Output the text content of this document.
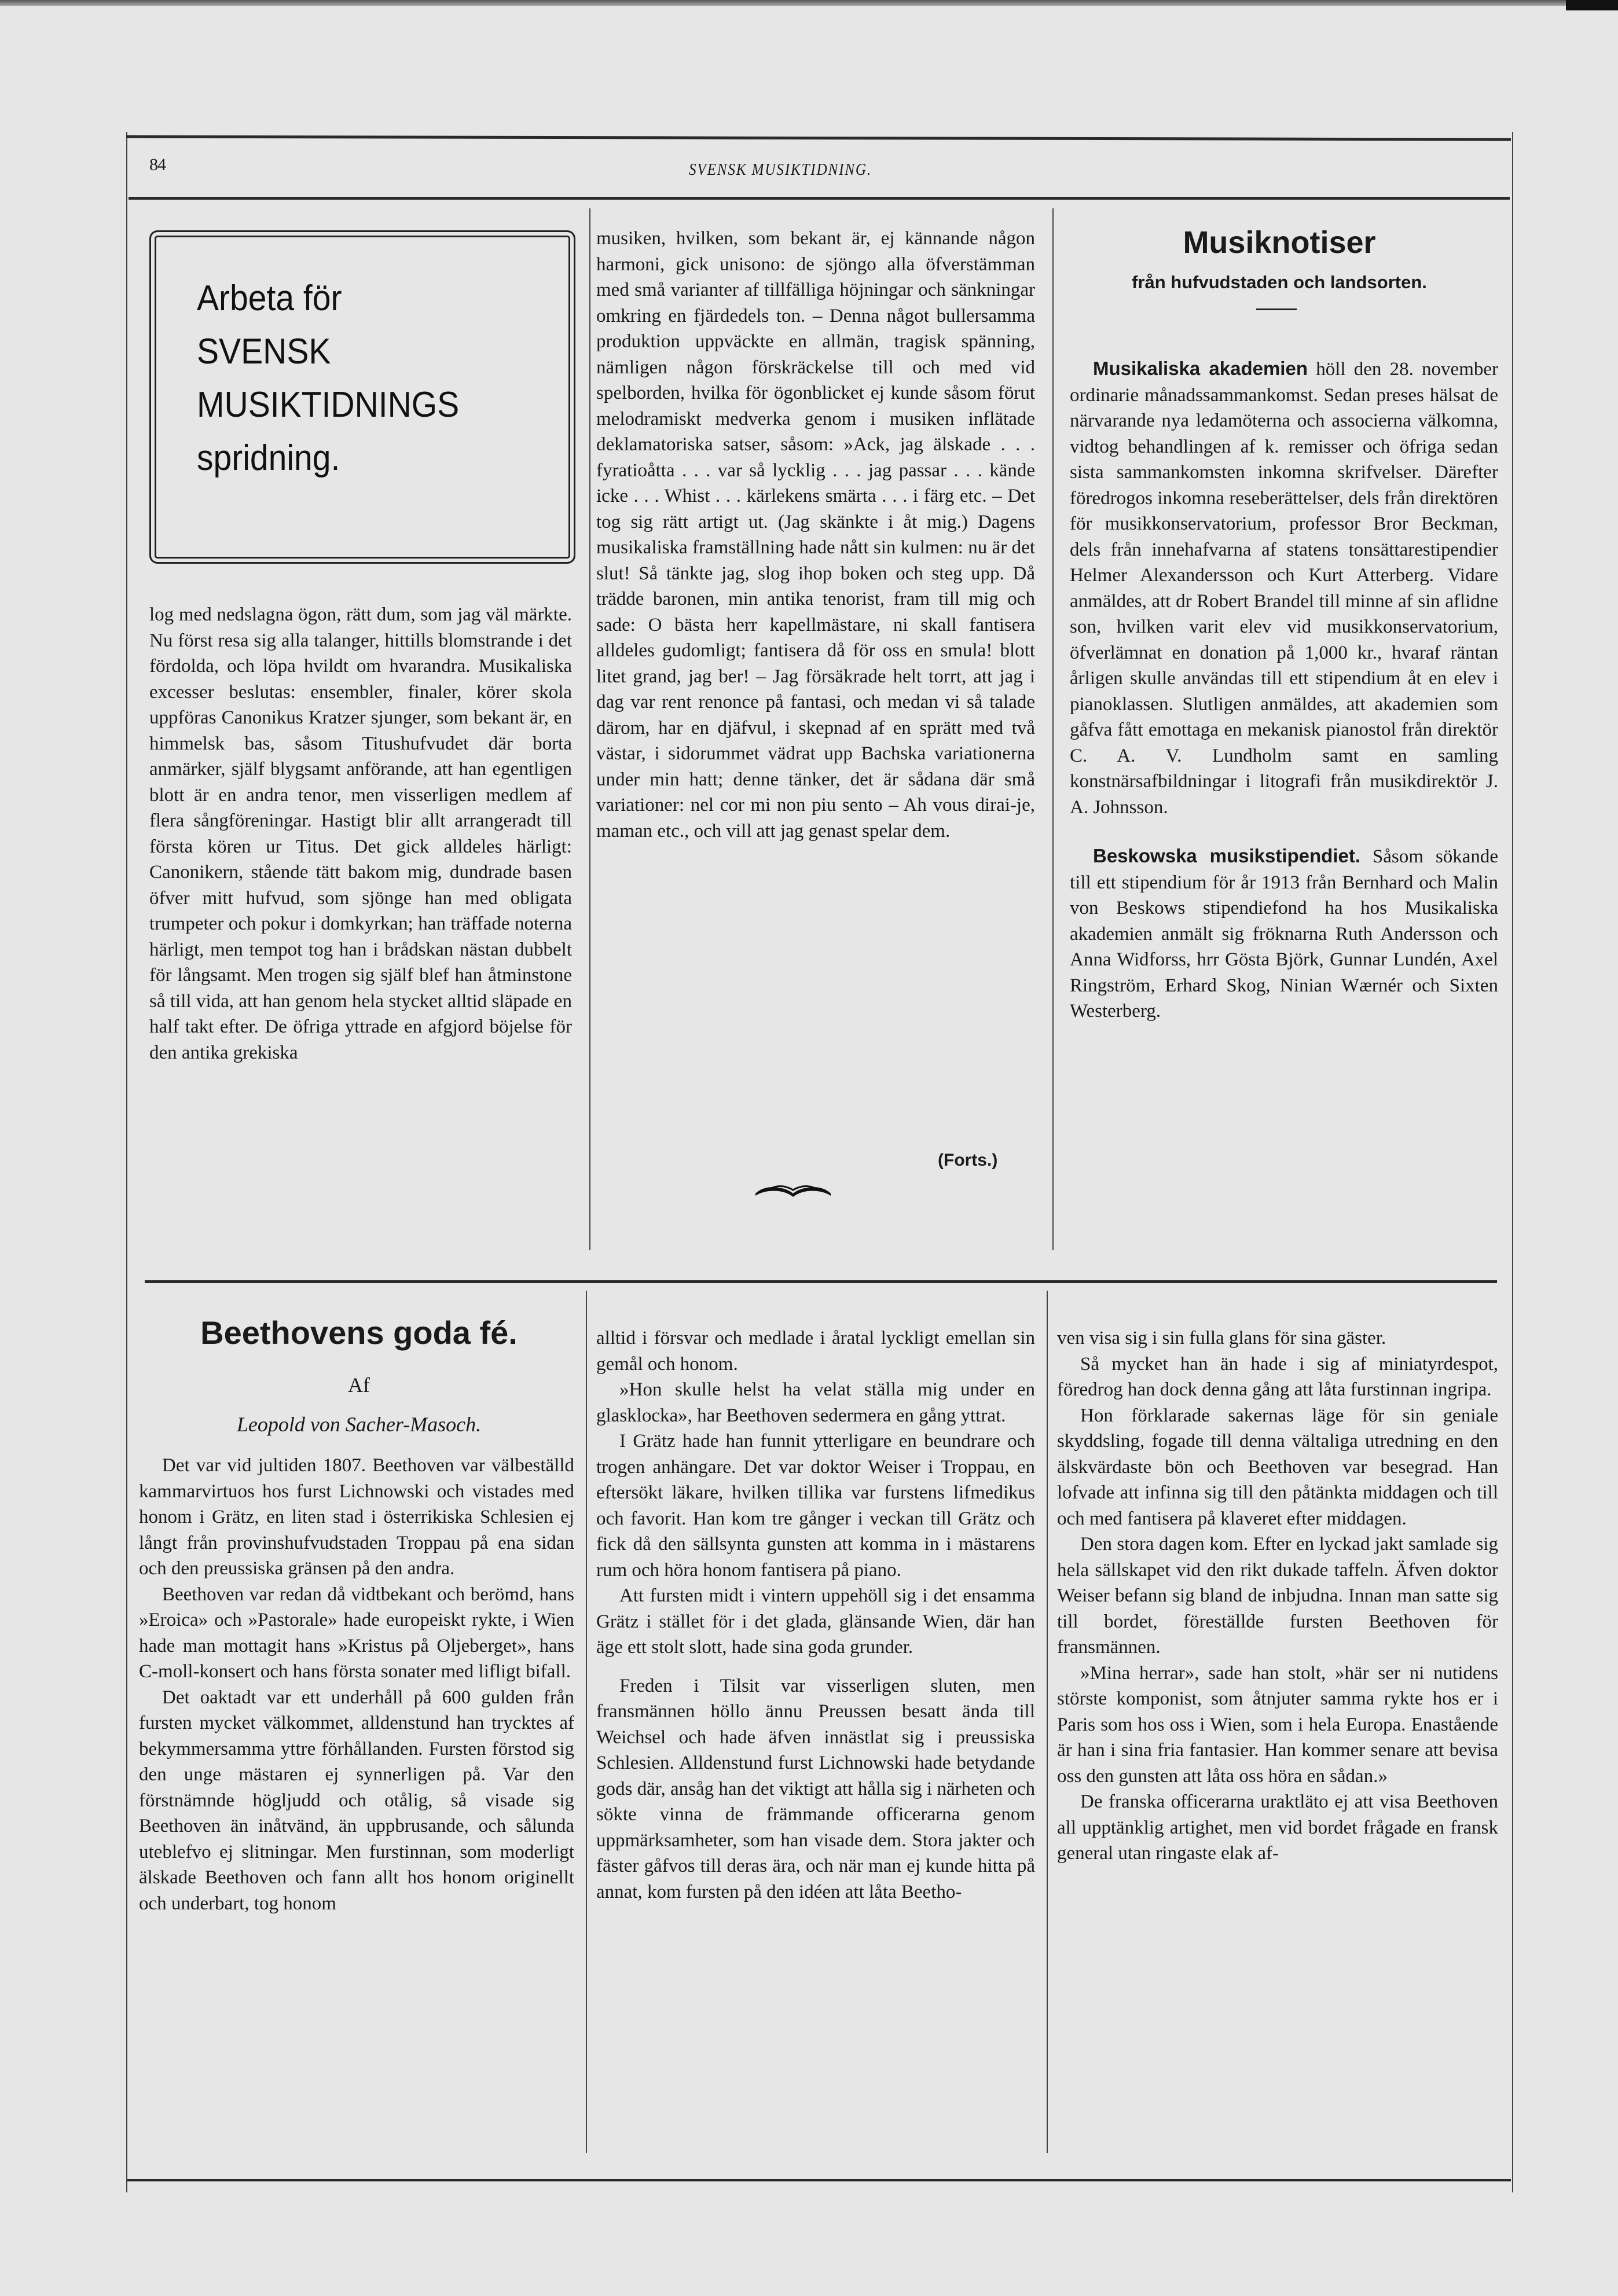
84	SVENSK MUSIKTIDNING.
Arbeta för
SVENSK
MUSIKTIDNINGS
spridning.

log med nedslagna ögon, rätt dum, som jag väl märkte. Nu först resa sig alla talanger, hittills blomstrande i det fördolda, och löpa hvildt om hvarandra. Musikaliska excesser beslutas: ensembler, finaler, körer skola uppföras Canonikus Kratzer sjunger, som bekant är, en himmelsk bas, såsom Titushufvudet där borta anmärker, själf blygsamt anförande, att han egentligen blott är en andra tenor, men visserligen medlem af flera sångföreningar. Hastigt blir allt arrangeradt till första kören ur Titus. Det gick alldeles härligt: Canonikern, stående tätt bakom mig, dundrade basen öfver mitt hufvud, som sjönge han med obligata trumpeter och pokur i domkyrkan; han träffade noterna härligt, men tempot tog han i brådskan nästan dubbelt för långsamt. Men trogen sig själf blef han åtminstone så till vida, att han genom hela stycket alltid släpade en half takt efter. De öfriga yttrade en afgjord böjelse för den antika grekiska

musiken, hvilken, som bekant är, ej kännande någon harmoni, gick unisono: de sjöngo alla öfverstämman med små varianter af tillfälliga höjningar och sänkningar omkring en fjärdedels ton. – Denna något bullersamma produktion uppväckte en allmän, tragisk spänning, nämligen någon förskräckelse till och med vid spelborden, hvilka för ögonblicket ej kunde såsom förut melodramiskt medverka genom i musiken inflätade deklamatoriska satser, såsom: »Ack, jag älskade . . . fyratioåtta . . . var så lycklig . . . jag passar . . . kände icke . . . Whist . . . kärlekens smärta . . . i färg etc. – Det tog sig rätt artigt ut. (Jag skänkte i åt mig.) Dagens musikaliska framställning hade nått sin kulmen: nu är det slut! Så tänkte jag, slog ihop boken och steg upp. Då trädde baronen, min antika tenorist, fram till mig och sade: O bästa herr kapellmästare, ni skall fantisera alldeles gudomligt; fantisera då för oss en smula! blott litet grand, jag ber! – Jag försäkrade helt torrt, att jag i dag var rent renonce på fantasi, och medan vi så talade därom, har en djäfvul, i skepnad af en sprätt med två västar, i sidorummet vädrat upp Bachska variationerna under min hatt; denne tänker, det är sådana där små variationer: nel cor mi non piu sento – Ah vous dirai-je, maman etc., och vill att jag genast spelar dem.

(Forts.)
Musiknotiser
från hufvudstaden och landsorten.

Musikaliska akademien höll den 28. november ordinarie månadssammankomst. Sedan preses hälsat de närvarande nya ledamöterna och associerna välkomna, vidtog behandlingen af k. remisser och öfriga sedan sista sammankomsten inkomna skrifvelser. Därefter föredrogos inkomna reseberättelser, dels från direktören för musikkonservatorium, professor Bror Beckman, dels från innehafvarna af statens tonsättarestipendier Helmer Alexandersson och Kurt Atterberg. Vidare anmäldes, att dr Robert Brandel till minne af sin aflidne son, hvilken varit elev vid musikkonservatorium, öfverlämnat en donation på 1,000 kr., hvaraf räntan årligen skulle användas till ett stipendium åt en elev i pianoklassen. Slutligen anmäldes, att akademien som gåfva fått emottaga en mekanisk pianostol från direktör C. A. V. Lundholm samt en samling konstnärsafbildningar i litografi från musikdirektör J. A. Johnsson.

Beskowska musikstipendiet. Såsom sökande till ett stipendium för år 1913 från Bernhard och Malin von Beskows stipendiefond ha hos Musikaliska akademien anmält sig fröknarna Ruth Andersson och Anna Widforss, hrr Gösta Björk, Gunnar Lundén, Axel Ringström, Erhard Skog, Ninian Wærnér och Sixten Westerberg.

Beethovens goda fé.
Af
Leopold von Sacher-Masoch.

Det var vid jultiden 1807. Beethoven var välbeställd kammarvirtuos hos furst Lichnowski och vistades med honom i Grätz, en liten stad i österrikiska Schlesien ej långt från provinshufvudstaden Troppau på ena sidan och den preussiska gränsen på den andra.

Beethoven var redan då vidtbekant och berömd, hans »Eroica» och »Pastorale» hade europeiskt rykte, i Wien hade man mottagit hans »Kristus på Oljeberget», hans C-moll-konsert och hans första sonater med lifligt bifall.

Det oaktadt var ett underhåll på 600 gulden från fursten mycket välkommet, alldenstund han trycktes af bekymmersamma yttre förhållanden. Fursten förstod sig den unge mästaren ej synnerligen på. Var den förstnämnde högljudd och otålig, så visade sig Beethoven än inåtvänd, än uppbrusande, och sålunda uteblefvo ej slitningar. Men furstinnan, som moderligt älskade Beethoven och fann allt hos honom originellt och underbart, tog honom

alltid i försvar och medlade i åratal lyckligt emellan sin gemål och honom.

»Hon skulle helst ha velat ställa mig under en glasklocka», har Beethoven sedermera en gång yttrat.

I Grätz hade han funnit ytterligare en beundrare och trogen anhängare. Det var doktor Weiser i Troppau, en eftersökt läkare, hvilken tillika var furstens lifmedikus och favorit. Han kom tre gånger i veckan till Grätz och fick då den sällsynta gunsten att komma in i mästarens rum och höra honom fantisera på piano.

Att fursten midt i vintern uppehöll sig i det ensamma Grätz i stället för i det glada, glänsande Wien, där han äge ett stolt slott, hade sina goda grunder.

Freden i Tilsit var visserligen sluten, men fransmännen höllo ännu Preussen besatt ända till Weichsel och hade äfven innästlat sig i preussiska Schlesien. Alldenstund furst Lichnowski hade betydande gods där, ansåg han det viktigt att hålla sig i närheten och sökte vinna de främmande officerarna genom uppmärksamheter, som han visade dem. Stora jakter och fäster gåfvos till deras ära, och när man ej kunde hitta på annat, kom fursten på den idéen att låta Beetho-

ven visa sig i sin fulla glans för sina gäster.

Så mycket han än hade i sig af miniatyrdespot, föredrog han dock denna gång att låta furstinnan ingripa.

Hon förklarade sakernas läge för sin geniale skyddsling, fogade till denna vältaliga utredning en den älskvärdaste bön och Beethoven var besegrad. Han lofvade att infinna sig till den påtänkta middagen och till och med fantisera på klaveret efter middagen.

Den stora dagen kom. Efter en lyckad jakt samlade sig hela sällskapet vid den rikt dukade taffeln. Äfven doktor Weiser befann sig bland de inbjudna. Innan man satte sig till bordet, föreställde fursten Beethoven för fransmännen.

»Mina herrar», sade han stolt, »här ser ni nutidens störste komponist, som åtnjuter samma rykte hos er i Paris som hos oss i Wien, som i hela Europa. Enastående är han i sina fria fantasier. Han kommer senare att bevisa oss den gunsten att låta oss höra en sådan.»

De franska officerarna uraktläto ej att visa Beethoven all upptänklig artighet, men vid bordet frågade en fransk general utan ringaste elak af-
